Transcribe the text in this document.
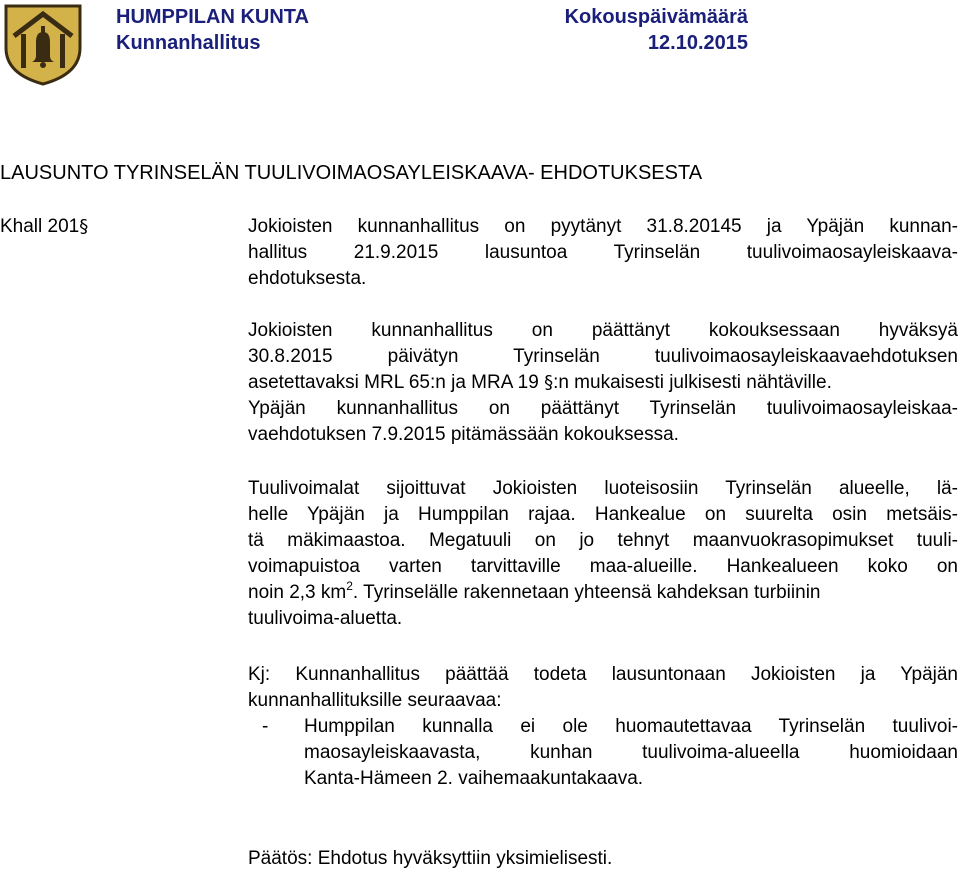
HUMPPILAN KUNTA
Kunnanhallitus
Kokouspäivämäärä
12.10.2015
LAUSUNTO TYRINSELÄN TUULIVOIMAOSAYLEISKAAVA- EHDOTUKSESTA
Khall 201§	Jokioisten kunnanhallitus on pyytänyt 31.8.20145 ja Ypäjän kunnan-
hallitus 21.9.2015 lausuntoa Tyrinselän tuulivoimaosayleiskaava-
ehdotuksesta.
Jokioisten kunnanhallitus on päättänyt kokouksessaan hyväksyä
30.8.2015 päivätyn Tyrinselän tuulivoimaosayleiskaavaehdotuksen
asetettavaksi MRL 65:n ja MRA 19 §:n mukaisesti julkisesti nähtäville.
Ypäjän kunnanhallitus on päättänyt Tyrinselän tuulivoimaosayleiskaa-
vaehdotuksen 7.9.2015 pitämässään kokouksessa.
Tuulivoimalat sijoittuvat Jokioisten luoteisosiin Tyrinselän alueelle, lä-
helle Ypäjän ja Humppilan rajaa. Hankealue on suurelta osin metsäis-
tä mäkimaastoa. Megatuuli on jo tehnyt maanvuokrasopimukset tuuli-
voimapuistoa varten tarvittaville maa-alueille. Hankealueen koko on
noin 2,3 $km^2$. Tyrinselälle rakennetaan yhteensä kahdeksan turbiinin
tuulivoima-aluetta.
Kj: Kunnanhallitus päättää todeta lausuntonaan Jokioisten ja Ypäjän
kunnanhallituksille seuraavaa:
- Humppilan kunnalla ei ole huomautettavaa Tyrinselän tuulivoi-
maosayleiskaavasta, kunhan tuulivoima-alueella huomioidaan
Kanta-Hämeen 2. vaihemaakuntakaava.
Päätös: Ehdotus hyväksyttiin yksimielisesti.
